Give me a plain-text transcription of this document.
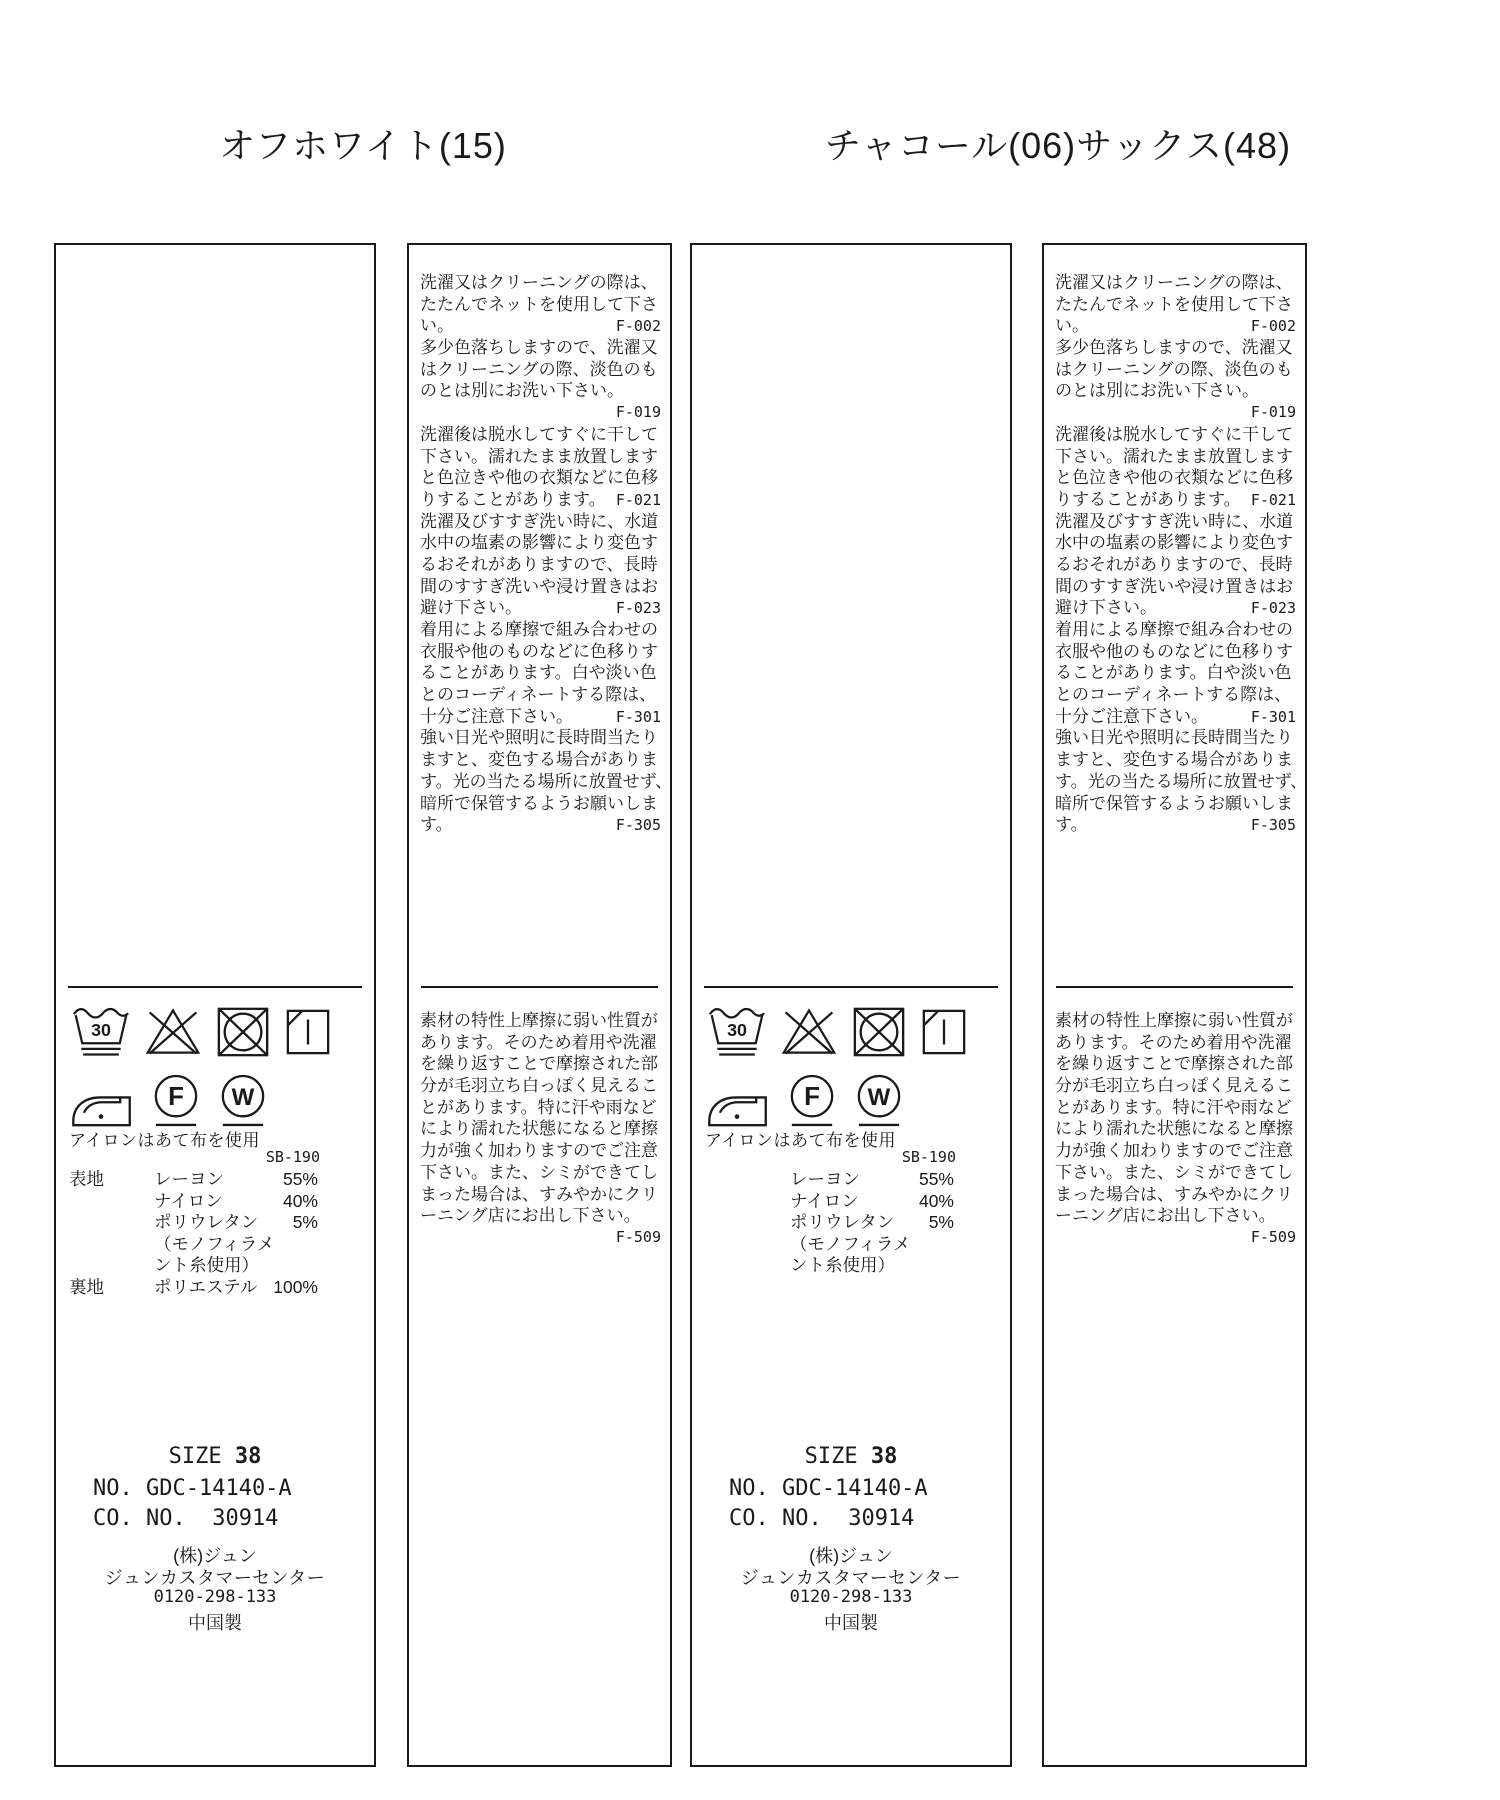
オフホワイト(15)	チャコール(06)サックス(48)
30
F W
アイロンはあて布を使用
SB-190
表地	レーヨン	55%
ナイロン	40%
ポリウレタン	5%
（モノフィラメ
ント糸使用）
裏地	ポリエステル 100%
SIZE 38
NO. GDC-14140-A
CO. NO.  30914
(株)ジュン
ジュンカスタマーセンター
0120-298-133
中国製
洗濯又はクリーニングの際は、
たたんでネットを使用して下さ
い。	F-002
多少色落ちしますので、洗濯又
はクリーニングの際、淡色のも
のとは別にお洗い下さい。
F-019
洗濯後は脱水してすぐに干して
下さい。濡れたまま放置します
と色泣きや他の衣類などに色移
りすることがあります。 F-021
洗濯及びすすぎ洗い時に、水道
水中の塩素の影響により変色す
るおそれがありますので、長時
間のすすぎ洗いや浸け置きはお
避け下さい。	F-023
着用による摩擦で組み合わせの
衣服や他のものなどに色移りす
ることがあります。白や淡い色
とのコーディネートする際は、
十分ご注意下さい。	F-301
強い日光や照明に長時間当たり
ますと、変色する場合がありま
す。光の当たる場所に放置せず、
暗所で保管するようお願いしま
す。	F-305
素材の特性上摩擦に弱い性質が
あります。そのため着用や洗濯
を繰り返すことで摩擦された部
分が毛羽立ち白っぽく見えるこ
とがあります。特に汗や雨など
により濡れた状態になると摩擦
力が強く加わりますのでご注意
下さい。また、シミができてし
まった場合は、すみやかにクリ
ーニング店にお出し下さい。
F-509
30
F W
アイロンはあて布を使用
SB-190
レーヨン	55%
ナイロン	40%
ポリウレタン	5%
（モノフィラメ
ント糸使用）
SIZE 38
NO. GDC-14140-A
CO. NO.  30914
(株)ジュン
ジュンカスタマーセンター
0120-298-133
中国製
洗濯又はクリーニングの際は、
たたんでネットを使用して下さ
い。	F-002
多少色落ちしますので、洗濯又
はクリーニングの際、淡色のも
のとは別にお洗い下さい。
F-019
洗濯後は脱水してすぐに干して
下さい。濡れたまま放置します
と色泣きや他の衣類などに色移
りすることがあります。 F-021
洗濯及びすすぎ洗い時に、水道
水中の塩素の影響により変色す
るおそれがありますので、長時
間のすすぎ洗いや浸け置きはお
避け下さい。	F-023
着用による摩擦で組み合わせの
衣服や他のものなどに色移りす
ることがあります。白や淡い色
とのコーディネートする際は、
十分ご注意下さい。	F-301
強い日光や照明に長時間当たり
ますと、変色する場合がありま
す。光の当たる場所に放置せず、
暗所で保管するようお願いしま
す。	F-305
素材の特性上摩擦に弱い性質が
あります。そのため着用や洗濯
を繰り返すことで摩擦された部
分が毛羽立ち白っぽく見えるこ
とがあります。特に汗や雨など
により濡れた状態になると摩擦
力が強く加わりますのでご注意
下さい。また、シミができてし
まった場合は、すみやかにクリ
ーニング店にお出し下さい。
F-509
